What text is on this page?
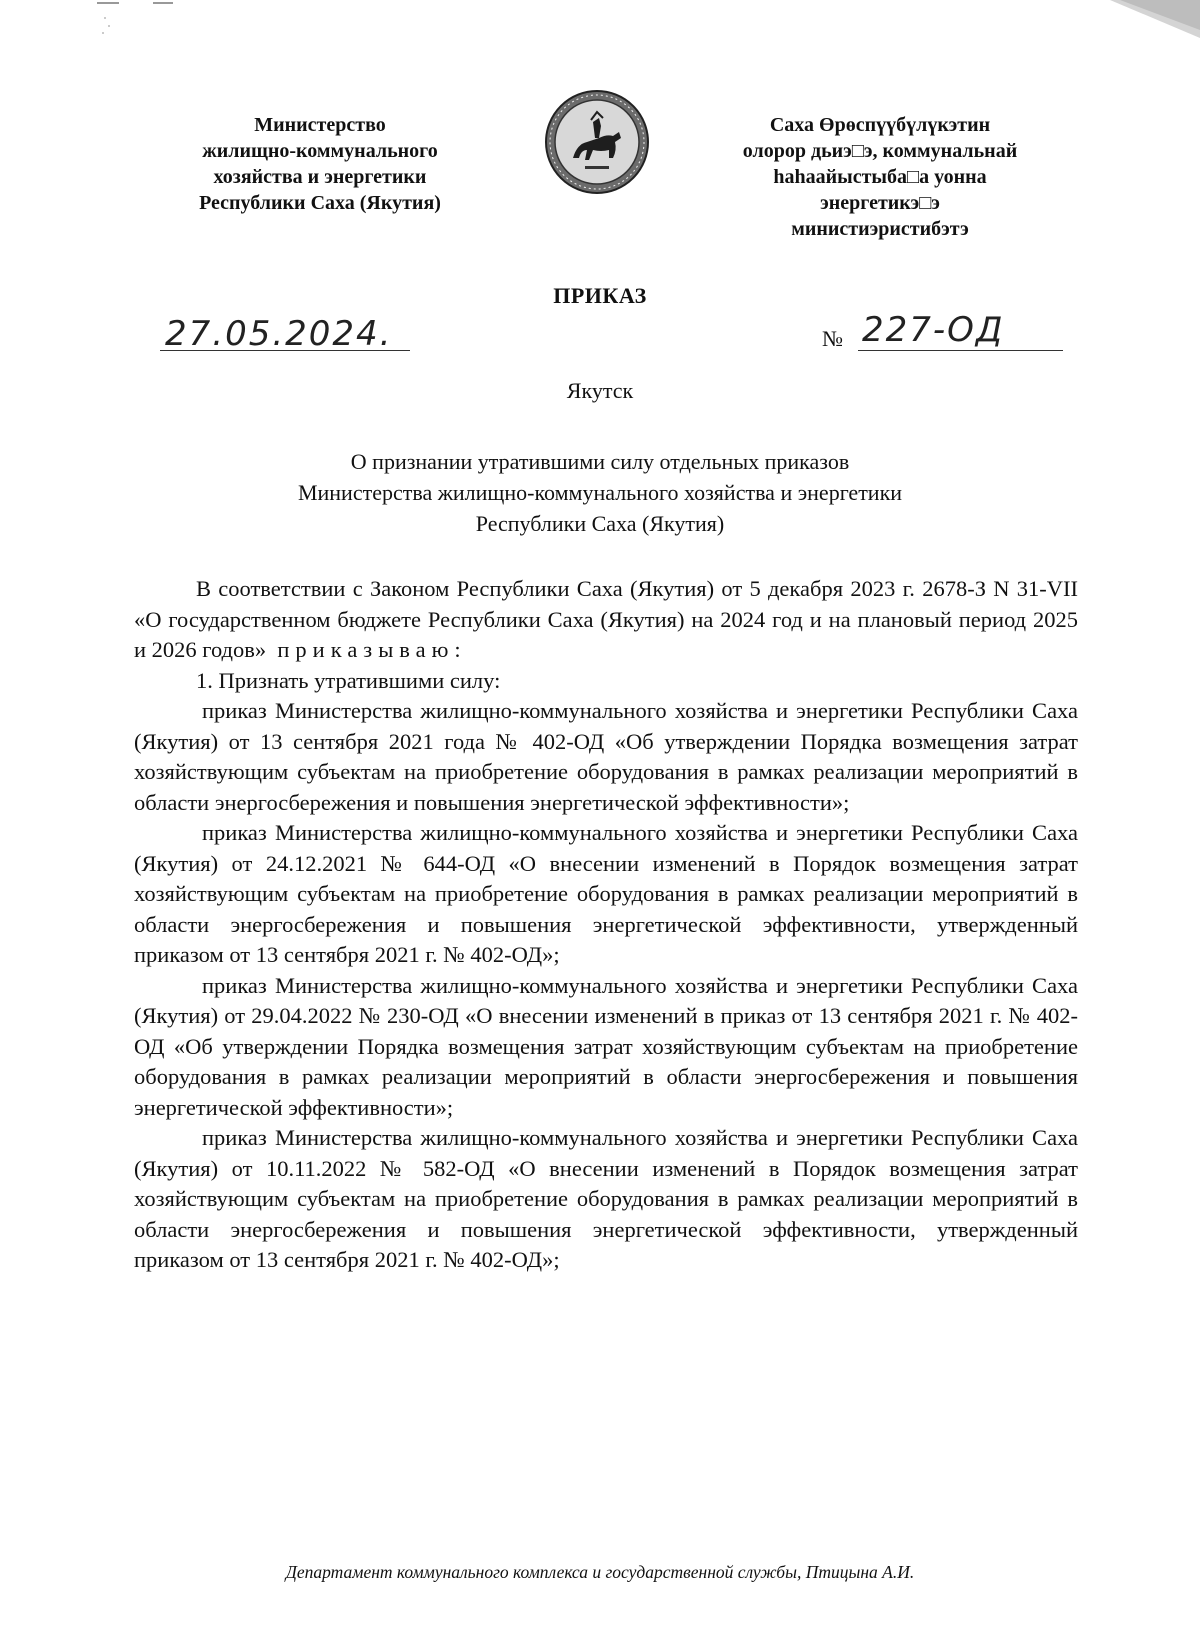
Министерство
жилищно-коммунального
хозяйства и энергетики
Республики Саха (Якутия)
Саха Өрөспүүбүлүкэтин
олорор дьиэ□э, коммунальнай
hаhаайыстыба□а уонна
энергетикэ□э
министиэристибэтэ
ПРИКАЗ
27.05.2024.	№ 227-ОД
Якутск
О признании утратившими силу отдельных приказов
Министерства жилищно-коммунального хозяйства и энергетики
Республики Саха (Якутия)

В соответствии с Законом Республики Саха (Якутия) от 5 декабря 2023 г. 2678-З N 31-VII «О государственном бюджете Республики Саха (Якутия) на 2024 год и на плановый период 2025 и 2026 годов» приказываю:

1. Признать утратившими силу:

приказ Министерства жилищно-коммунального хозяйства и энергетики Республики Саха (Якутия) от 13 сентября 2021 года № 402-ОД «Об утверждении Порядка возмещения затрат хозяйствующим субъектам на приобретение оборудования в рамках реализации мероприятий в области энергосбережения и повышения энергетической эффективности»;

приказ Министерства жилищно-коммунального хозяйства и энергетики Республики Саха (Якутия) от 24.12.2021 № 644-ОД «О внесении изменений в Порядок возмещения затрат хозяйствующим субъектам на приобретение оборудования в рамках реализации мероприятий в области энергосбережения и повышения энергетической эффективности, утвержденный приказом от 13 сентября 2021 г. № 402-ОД»;

приказ Министерства жилищно-коммунального хозяйства и энергетики Республики Саха (Якутия) от 29.04.2022 № 230-ОД «О внесении изменений в приказ от 13 сентября 2021 г. № 402-ОД «Об утверждении Порядка возмещения затрат хозяйствующим субъектам на приобретение оборудования в рамках реализации мероприятий в области энергосбережения и повышения энергетической эффективности»;

приказ Министерства жилищно-коммунального хозяйства и энергетики Республики Саха (Якутия) от 10.11.2022 № 582-ОД «О внесении изменений в Порядок возмещения затрат хозяйствующим субъектам на приобретение оборудования в рамках реализации мероприятий в области энергосбережения и повышения энергетической эффективности, утвержденный приказом от 13 сентября 2021 г. № 402-ОД»;

Департамент коммунального комплекса и государственной службы, Птицына А.И.
